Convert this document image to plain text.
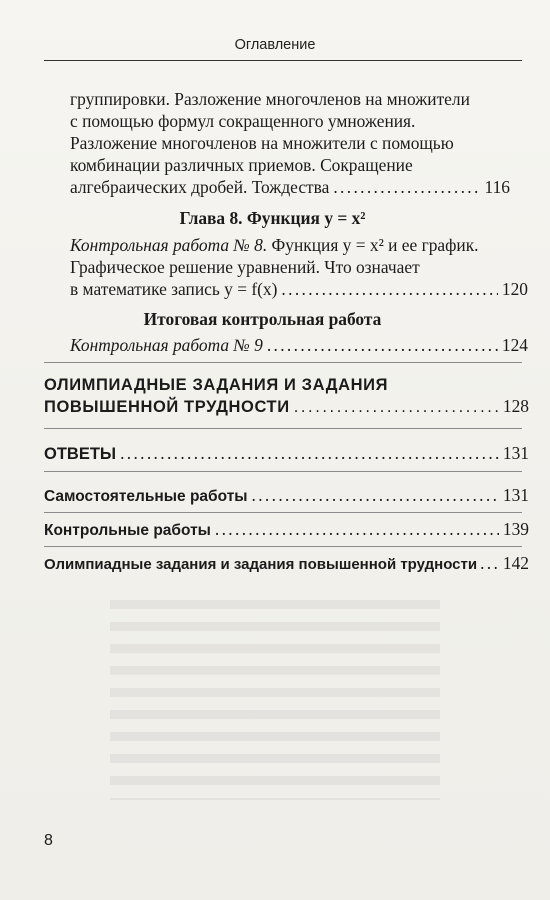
Оглавление
группировки. Разложение многочленов на множители
с помощью формул сокращенного умножения.
Разложение многочленов на множители с помощью
комбинации различных приемов. Сокращение
алгебраических дробей. Тождества . . .	116
Глава 8. Функция y = x²
Контрольная работа № 8. Функция y = x² и ее график.
Графическое решение уравнений. Что означает
в математике запись y = f(x) . . .	120
Итоговая контрольная работа
Контрольная работа № 9 . . .	124
ОЛИМПИАДНЫЕ ЗАДАНИЯ И ЗАДАНИЯ
ПОВЫШЕННОЙ ТРУДНОСТИ . . .	128
ОТВЕТЫ . . .	131
Самостоятельные работы . . .	131
Контрольные работы . . .	139
Олимпиадные задания и задания повышенной трудности . . . 142
8
